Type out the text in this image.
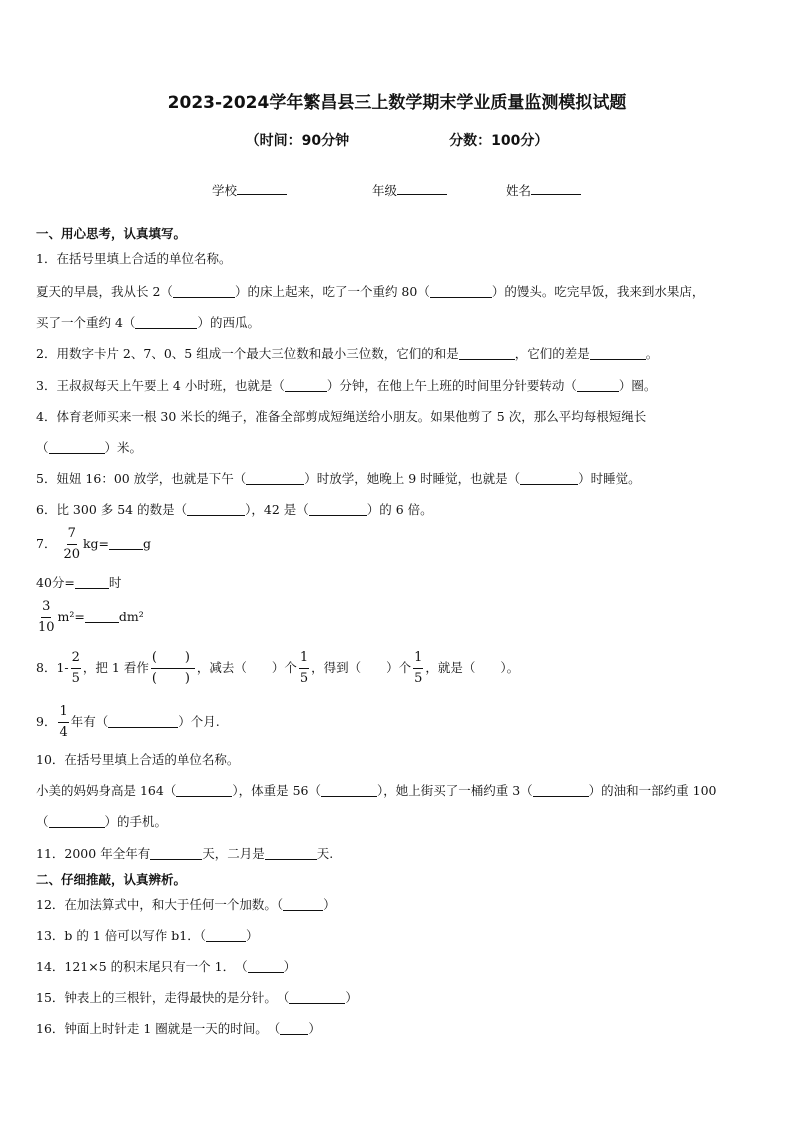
2023-2024学年繁昌县三上数学期末学业质量监测模拟试题
（时间：90分钟	分数：100分）
学校	年级	姓名
一、用心思考，认真填写。
1．在括号里填上合适的单位名称。
夏天的早晨，我从长 2（	）的床上起来，吃了一个重约 80（	）的馒头。吃完早饭，我来到水果店，
买了一个重约 4（	）的西瓜。
2．用数字卡片 2、7、0、5 组成一个最大三位数和最小三位数，它们的和是	，它们的差是	。
3．王叔叔每天上午要上 4 小时班，也就是（	）分钟，在他上午上班的时间里分针要转动（	）圈。
4．体育老师买来一根 30 米长的绳子，准备全部剪成短绳送给小朋友。如果他剪了 5 次，那么平均每根短绳长
（	）米。
5．妞妞 16：00 放学，也就是下午（	）时放学，她晚上 9 时睡觉，也就是（	）时睡觉。
6．比 300 多 54 的数是（	），42 是（	）的 6 倍。
7． $\frac{7}{20} kg=$	g
40分=	时
$\frac{3}{10} m^2=$	dm²
8．$1- \frac{2}{5}$ ，把 1 看作 $\frac{( )}{( )}$ ，减去（　　）个 $\frac{1}{5}$ ，得到（　　）个 $\frac{1}{5}$ ，就是（　　）。
9． $\frac{1}{4}$ 年有（	）个月.
10．在括号里填上合适的单位名称。
小美的妈妈身高是 164（	），体重是 56（	），她上街买了一桶约重 3（	）的油和一部约重 100
（	）的手机。
11．2000 年全年有	天，二月是	天.
二、仔细推敲，认真辨析。
12．在加法算式中，和大于任何一个加数。（	）
13．b 的 1 倍可以写作 b1．（	）
14．121×5 的积末尾只有一个 1．　（	）
15．钟表上的三根针，走得最快的是分针。　（	）
16．钟面上时针走 1 圈就是一天的时间。　（ ）
